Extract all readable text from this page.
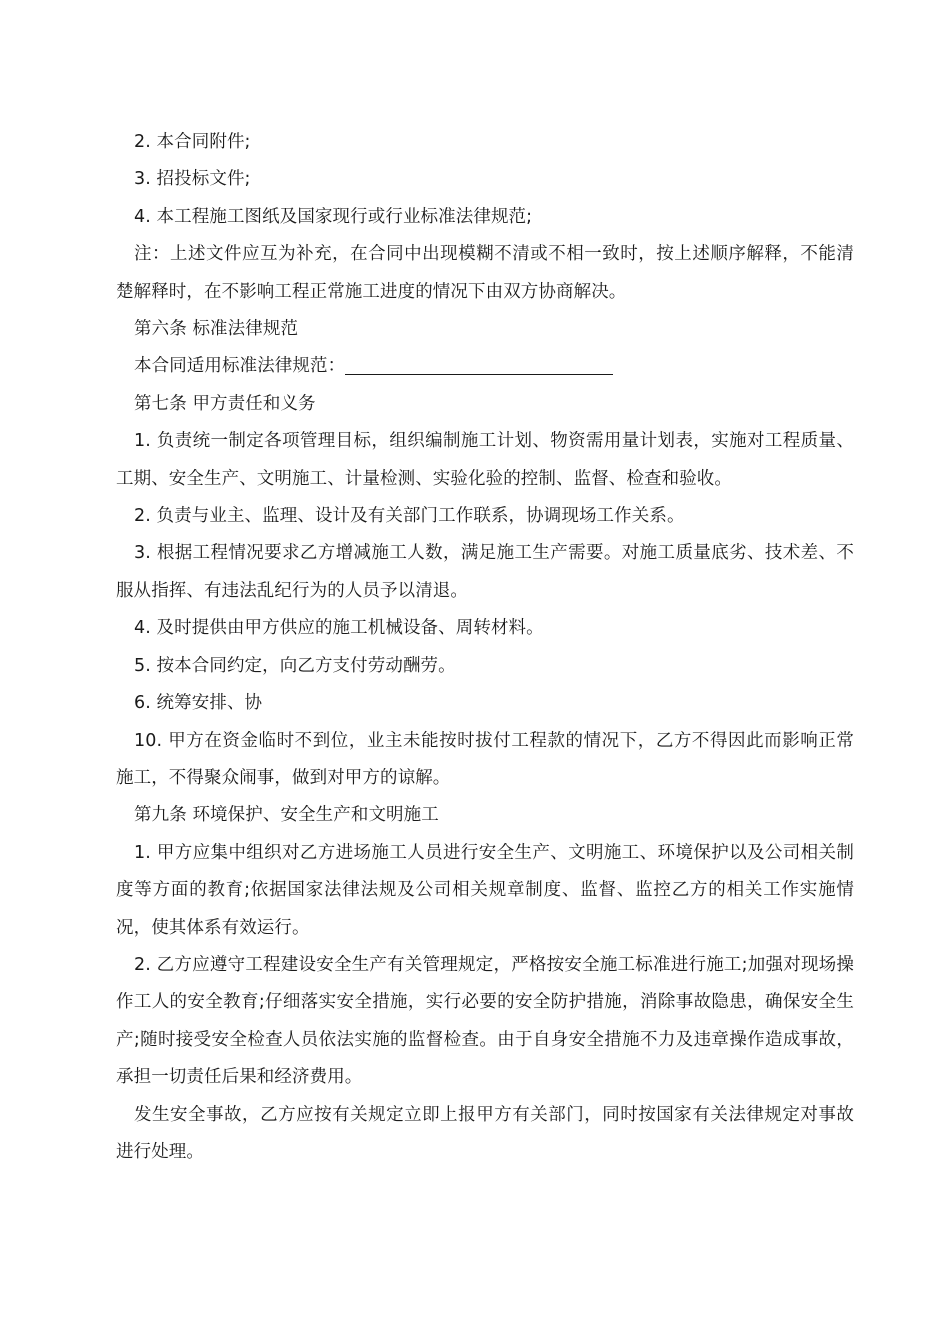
2. 本合同附件;

3. 招投标文件;

4. 本工程施工图纸及国家现行或行业标准法律规范;

注：上述文件应互为补充，在合同中出现模糊不清或不相一致时，按上述顺序解释，不能清楚解释时，在不影响工程正常施工进度的情况下由双方协商解决。

第六条 标准法律规范

本合同适用标准法律规范：

第七条 甲方责任和义务

1. 负责统一制定各项管理目标，组织编制施工计划、物资需用量计划表，实施对工程质量、工期、安全生产、文明施工、计量检测、实验化验的控制、监督、检查和验收。

2. 负责与业主、监理、设计及有关部门工作联系，协调现场工作关系。

3. 根据工程情况要求乙方增减施工人数，满足施工生产需要。对施工质量底劣、技术差、不服从指挥、有违法乱纪行为的人员予以清退。

4. 及时提供由甲方供应的施工机械设备、周转材料。

5. 按本合同约定，向乙方支付劳动酬劳。

6. 统筹安排、协

10. 甲方在资金临时不到位，业主未能按时拔付工程款的情况下，乙方不得因此而影响正常施工，不得聚众闹事，做到对甲方的谅解。

第九条 环境保护、安全生产和文明施工

1. 甲方应集中组织对乙方进场施工人员进行安全生产、文明施工、环境保护以及公司相关制度等方面的教育;依据国家法律法规及公司相关规章制度、监督、监控乙方的相关工作实施情况，使其体系有效运行。

2. 乙方应遵守工程建设安全生产有关管理规定，严格按安全施工标准进行施工;加强对现场操作工人的安全教育;仔细落实安全措施，实行必要的安全防护措施，消除事故隐患，确保安全生产;随时接受安全检查人员依法实施的监督检查。由于自身安全措施不力及违章操作造成事故，承担一切责任后果和经济费用。

发生安全事故，乙方应按有关规定立即上报甲方有关部门，同时按国家有关法律规定对事故进行处理。
